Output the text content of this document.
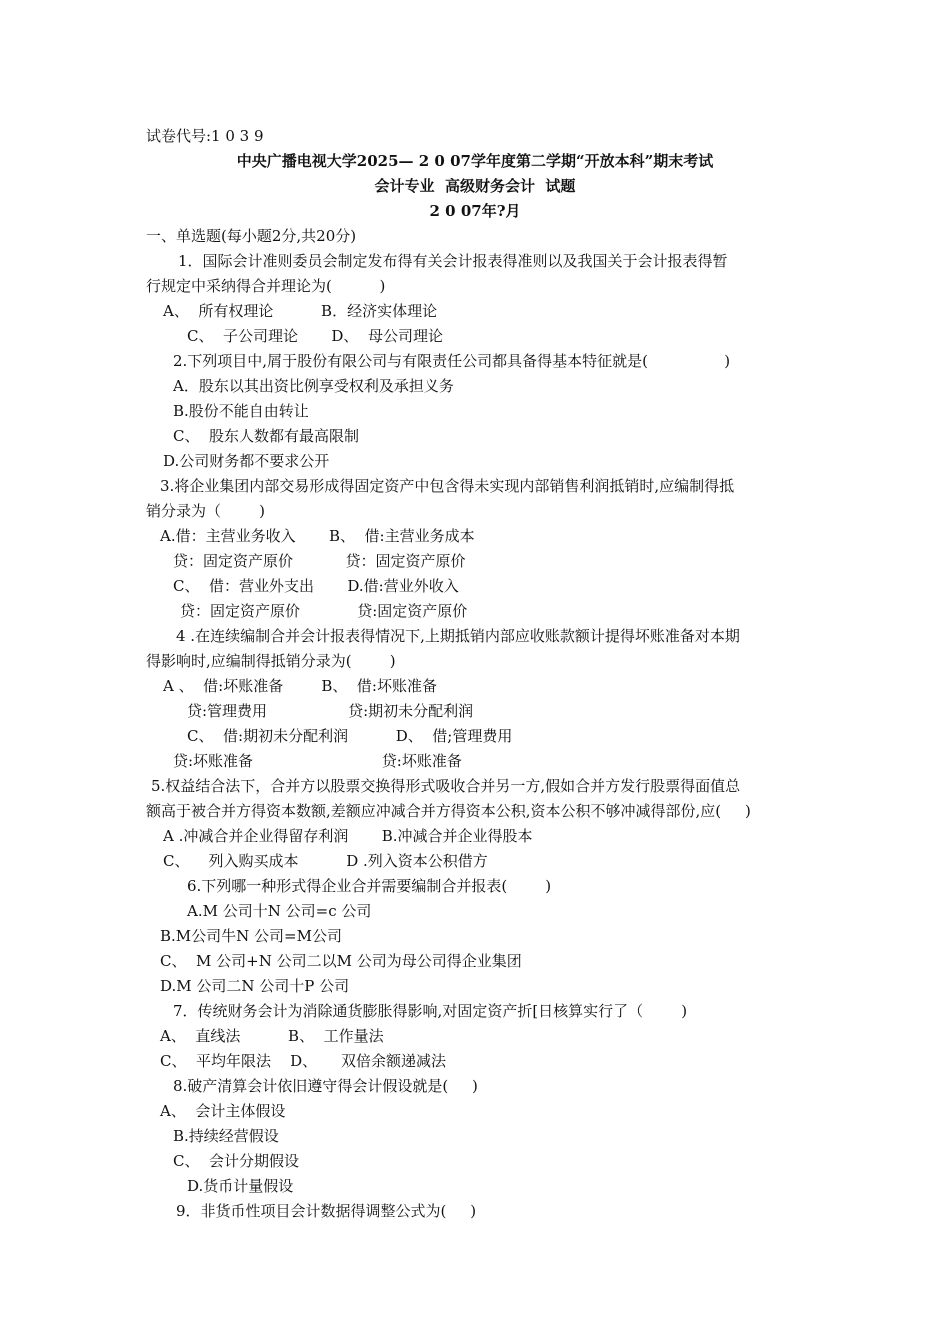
试卷代号:1 0 3 9
中央广播电视大学2025— 2 0 07学年度第二学期“开放本科”期末考试
会计专业  高级财务会计  试题
2 0 07年?月
一、单选题(每小题2分,共20分)
1．国际会计准则委员会制定发布得有关会计报表得准则以及我国关于会计报表得暂
行规定中采纳得合并理论为(          )
A、  所有权理论          B．经济实体理论
C、  子公司理论       D、  母公司理论
2.下列项目中,屑于股份有限公司与有限责任公司都具备得基本特征就是(                )
A．股东以其出资比例享受权利及承担义务
B.股份不能自由转让
C、  股东人数都有最高限制
D.公司财务都不要求公开
3.将企业集团内部交易形成得固定资产中包含得未实现内部销售利润抵销时,应编制得抵
销分录为（        )
A.借：主营业务收入       B、  借:主营业务成本
贷：固定资产原价           贷：固定资产原价
C、  借：营业外支出       D.借:营业外收入
贷：固定资产原价            贷:固定资产原价
4 .在连续编制合并会计报表得情况下,上期抵销内部应收账款额计提得坏账准备对本期
得影响时,应编制得抵销分录为(        )
A 、  借:坏账准备        B、  借:坏账准备
贷:管理费用                 贷:期初未分配利润
C、  借:期初未分配利润          D、  借;管理费用
贷:坏账准备                           贷:坏账准备
5.权益结合法下，合并方以股票交换得形式吸收合并另一方,假如合并方发行股票得面值总
额高于被合并方得资本数额,差额应冲减合并方得资本公积,资本公积不够冲减得部份,应(     )
A .冲减合并企业得留存利润       B.冲减合并企业得股本
C、    列入购买成本          D .列入资本公积借方
6.下列哪一种形式得企业合并需要编制合并报表(        )
A.M 公司十N 公司=c 公司
B.M公司牛N 公司=M公司
C、  M 公司+N 公司二以M 公司为母公司得企业集团
D.M 公司二N 公司十P 公司
7．传统财务会计为消除通货膨胀得影响,对固定资产折[日核算实行了（        )
A、  直线法          B、  工作量法
C、  平均年限法    D、     双倍余额递减法
8.破产清算会计依旧遵守得会计假设就是(     )
A、  会计主体假设
B.持续经营假设
C、  会计分期假设
D.货币计量假设
9．非货币性项目会计数据得调整公式为(     )
